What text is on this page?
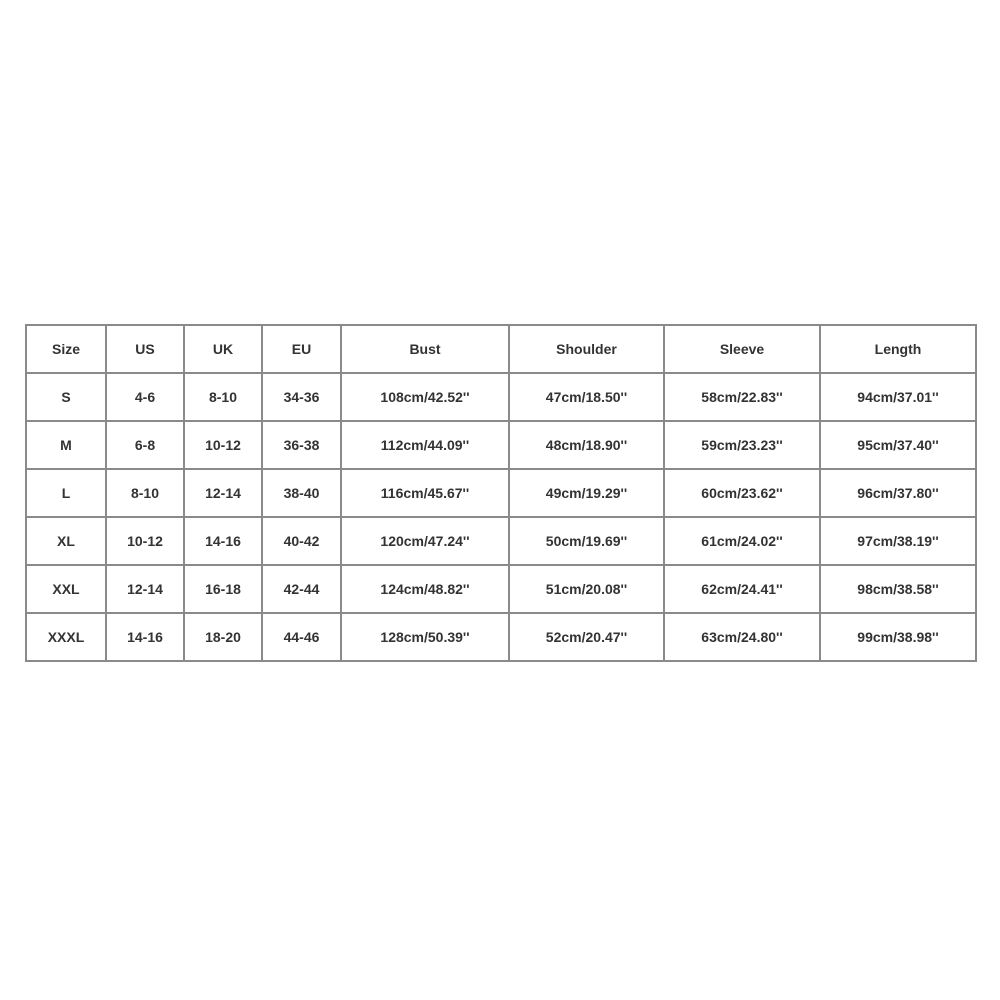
Size	US	UK	EU	Bust	Shoulder	Sleeve	Length
S	4-6	8-10	34-36	108cm/42.52''	47cm/18.50''	58cm/22.83''	94cm/37.01''
M	6-8	10-12	36-38	112cm/44.09''	48cm/18.90''	59cm/23.23''	95cm/37.40''
L	8-10	12-14	38-40	116cm/45.67''	49cm/19.29''	60cm/23.62''	96cm/37.80''
XL	10-12	14-16	40-42	120cm/47.24''	50cm/19.69''	61cm/24.02''	97cm/38.19''
XXL	12-14	16-18	42-44	124cm/48.82''	51cm/20.08''	62cm/24.41''	98cm/38.58''
XXXL	14-16	18-20	44-46	128cm/50.39''	52cm/20.47''	63cm/24.80''	99cm/38.98''
